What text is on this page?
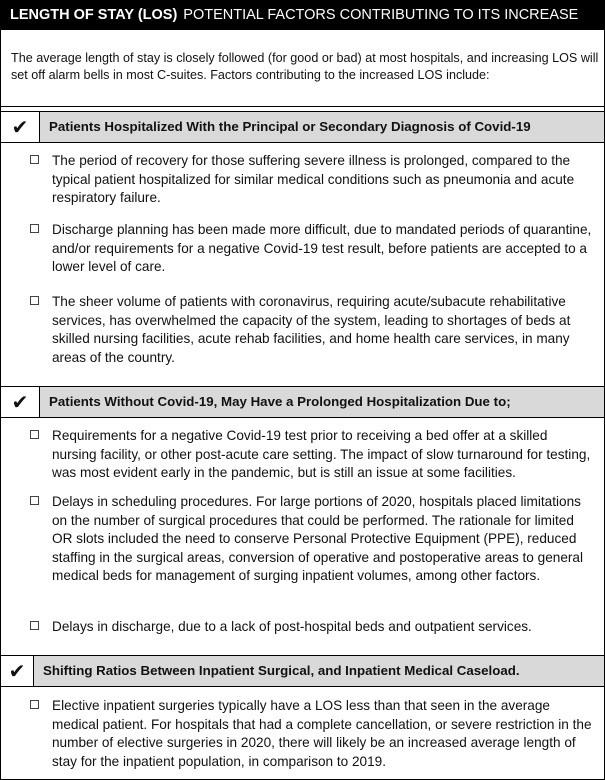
LENGTH OF STAY (LOS) POTENTIAL FACTORS CONTRIBUTING TO ITS INCREASE
The average length of stay is closely followed (for good or bad) at most hospitals, and increasing LOS will set off alarm bells in most C-suites. Factors contributing to the increased LOS include:
✔	Patients Hospitalized With the Principal or Secondary Diagnosis of Covid-19
The period of recovery for those suffering severe illness is prolonged, compared to the typical patient hospitalized for similar medical conditions such as pneumonia and acute respiratory failure.
Discharge planning has been made more difficult, due to mandated periods of quarantine, and/or requirements for a negative Covid-19 test result, before patients are accepted to a lower level of care.
The sheer volume of patients with coronavirus, requiring acute/subacute rehabilitative services, has overwhelmed the capacity of the system, leading to shortages of beds at skilled nursing facilities, acute rehab facilities, and home health care services, in many areas of the country.
✔	Patients Without Covid-19, May Have a Prolonged Hospitalization Due to;
Requirements for a negative Covid-19 test prior to receiving a bed offer at a skilled nursing facility, or other post-acute care setting. The impact of slow turnaround for testing, was most evident early in the pandemic, but is still an issue at some facilities.
Delays in scheduling procedures. For large portions of 2020, hospitals placed limitations on the number of surgical procedures that could be performed. The rationale for limited OR slots included the need to conserve Personal Protective Equipment (PPE), reduced staffing in the surgical areas, conversion of operative and postoperative areas to general medical beds for management of surging inpatient volumes, among other factors.
Delays in discharge, due to a lack of post-hospital beds and outpatient services.
✔	Shifting Ratios Between Inpatient Surgical, and Inpatient Medical Caseload.
Elective inpatient surgeries typically have a LOS less than that seen in the average medical patient. For hospitals that had a complete cancellation, or severe restriction in the number of elective surgeries in 2020, there will likely be an increased average length of stay for the inpatient population, in comparison to 2019.
